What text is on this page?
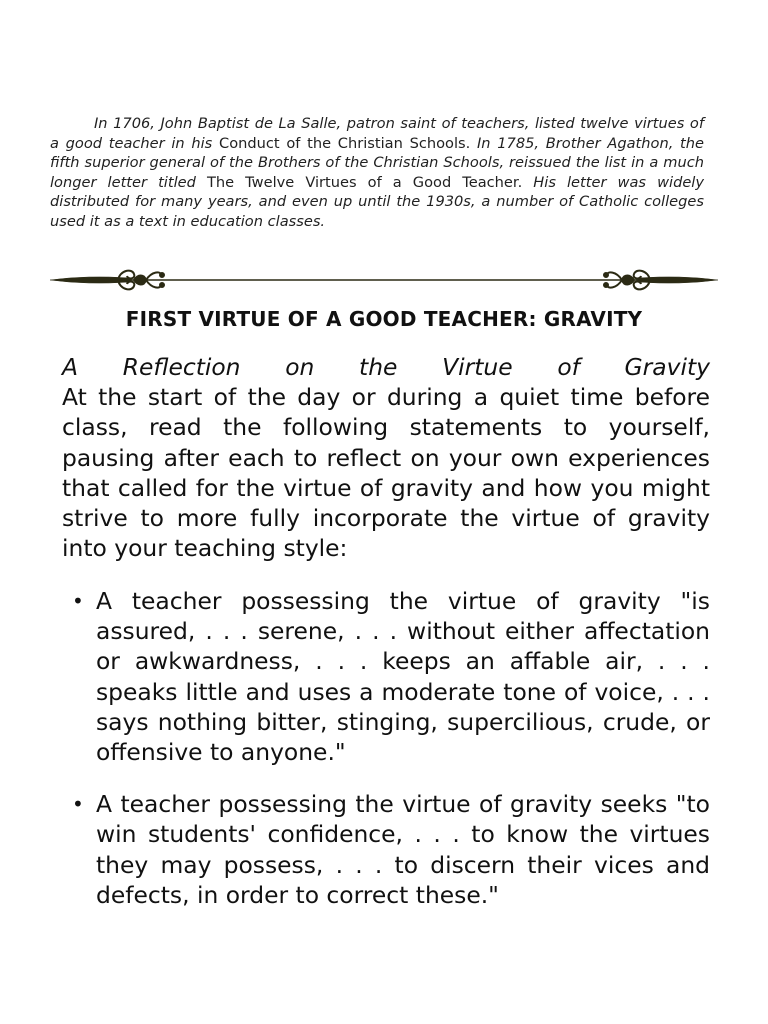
In 1706, John Baptist de La Salle, patron saint of teachers, listed twelve virtues of a good teacher in his Conduct of the Christian Schools. In 1785, Brother Agathon, the fifth superior general of the Brothers of the Christian Schools, reissued the list in a much longer letter titled The Twelve Virtues of a Good Teacher. His letter was widely distributed for many years, and even up until the 1930s, a number of Catholic colleges used it as a text in education classes.

FIRST VIRTUE OF A GOOD TEACHER: GRAVITY

A Reflection on the Virtue of Gravity
At the start of the day or during a quiet time before class, read the following statements to yourself, pausing after each to reflect on your own experiences that called for the virtue of gravity and how you might strive to more fully incorporate the virtue of gravity into your teaching style:

• A teacher possessing the virtue of gravity "is assured, . . . serene, . . . without either affectation or awkwardness, . . . keeps an affable air, . . . speaks little and uses a moderate tone of voice, . . . says nothing bitter, stinging, supercilious, crude, or offensive to anyone."
• A teacher possessing the virtue of gravity seeks "to win students' confidence, . . . to know the virtues they may possess, . . . to discern their vices and defects, in order to correct these."
